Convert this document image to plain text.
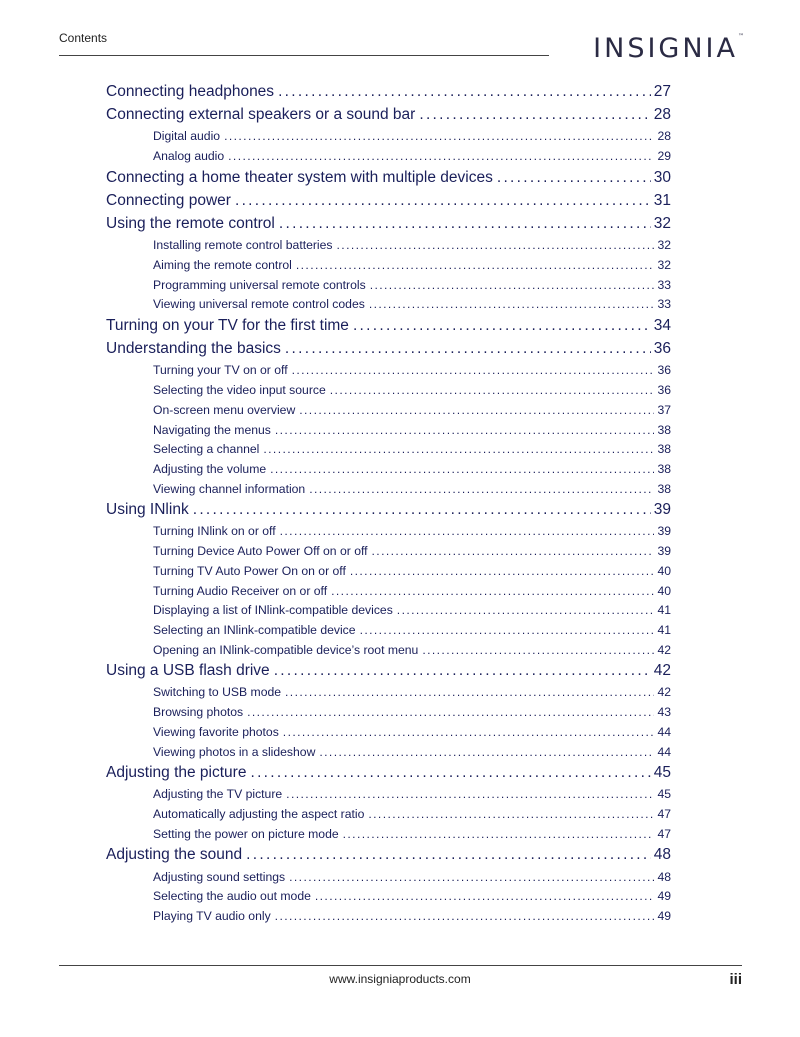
Contents	INSIGNIA™
Connecting headphones . . .	27
Connecting external speakers or a sound bar . . .	28
Digital audio . . .	28
Analog audio . . .	29
Connecting a home theater system with multiple devices . . .	30
Connecting power . . .	31
Using the remote control . . .	32
Installing remote control batteries . . .	32
Aiming the remote control . . .	32
Programming universal remote controls . . .	33
Viewing universal remote control codes . . .	33
Turning on your TV for the first time . . .	34
Understanding the basics . . .	36
Turning your TV on or off . . .	36
Selecting the video input source . . .	36
On-screen menu overview . . .	37
Navigating the menus . . .	38
Selecting a channel . . .	38
Adjusting the volume . . .	38
Viewing channel information . . .	38
Using INlink . . .	39
Turning INlink on or off . . .	39
Turning Device Auto Power Off on or off . . .	39
Turning TV Auto Power On on or off . . .	40
Turning Audio Receiver on or off . . .	40
Displaying a list of INlink-compatible devices . . .	41
Selecting an INlink-compatible device . . .	41
Opening an INlink-compatible device’s root menu . . .	42
Using a USB flash drive . . .	42
Switching to USB mode . . .	42
Browsing photos . . .	43
Viewing favorite photos . . .	44
Viewing photos in a slideshow . . .	44
Adjusting the picture . . .	45
Adjusting the TV picture . . .	45
Automatically adjusting the aspect ratio . . .	47
Setting the power on picture mode . . .	47
Adjusting the sound . . .	48
Adjusting sound settings . . .	48
Selecting the audio out mode . . .	49
Playing TV audio only . . .	49
www.insigniaproducts.com	iii
